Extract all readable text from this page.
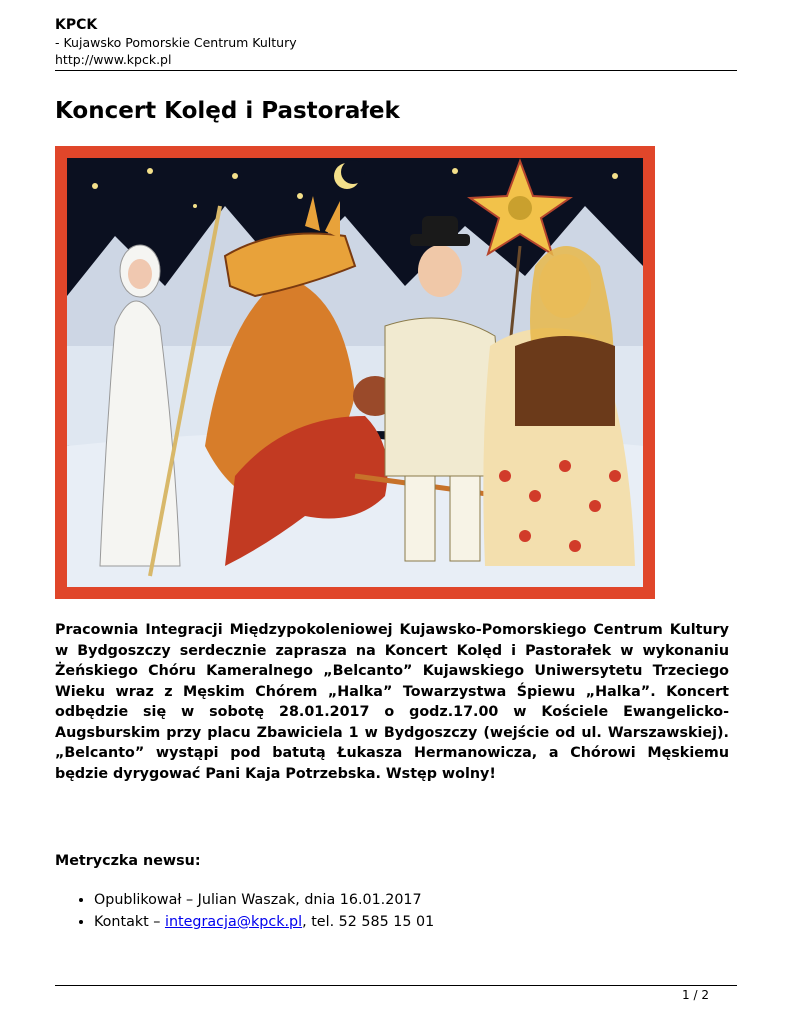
KPCK
- Kujawsko Pomorskie Centrum Kultury
http://www.kpck.pl
Koncert Kolęd i Pastorałek

Pracownia Integracji Międzypokoleniowej Kujawsko-Pomorskiego Centrum Kultury w Bydgoszczy serdecznie zaprasza na Koncert Kolęd i Pastorałek w wykonaniu Żeńskiego Chóru Kameralnego „Belcanto” Kujawskiego Uniwersytetu Trzeciego Wieku wraz z Męskim Chórem „Halka” Towarzystwa Śpiewu „Halka”. Koncert odbędzie się w sobotę 28.01.2017 o godz.17.00 w Kościele Ewangelicko-Augsburskim przy placu Zbawiciela 1 w Bydgoszczy (wejście od ul. Warszawskiej). „Belcanto” wystąpi pod batutą Łukasza Hermanowicza, a Chórowi Męskiemu będzie dyrygować Pani Kaja Potrzebska. Wstęp wolny!

Metryczka newsu:

• Opublikował – Julian Waszak, dnia 16.01.2017
• Kontakt – integracja@kpck.pl, tel. 52 585 15 01
1 / 2
